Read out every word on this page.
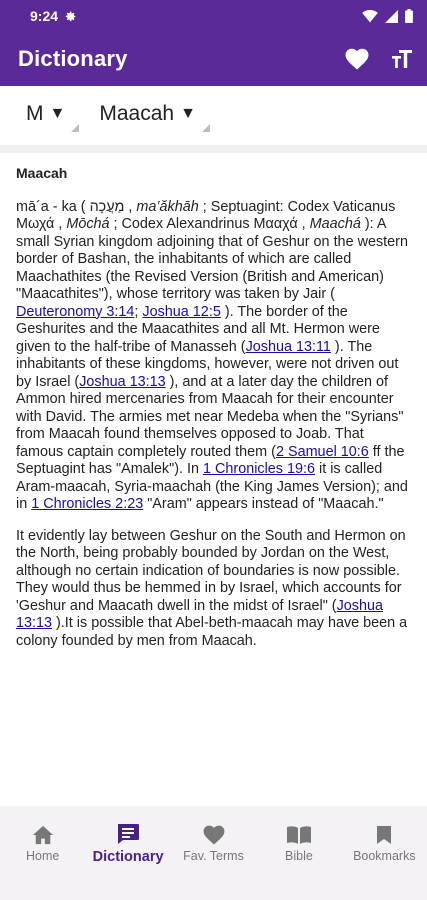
9:24
Dictionary
M ▼ Maacah ▼
Maacah

mā´a - ka ( מַעֲכָה , ma‛ăkhāh ; Septuagint: Codex Vaticanus Μωχά , Mōchá ; Codex Alexandrinus Μααχά , Maachá ): A small Syrian kingdom adjoining that of Geshur on the western border of Bashan, the inhabitants of which are called Maachathites (the Revised Version (British and American) "Maacathites"), whose territory was taken by Jair ( Deuteronomy 3:14; Joshua 12:5 ). The border of the Geshurites and the Maacathites and all Mt. Hermon were given to the half-tribe of Manasseh (Joshua 13:11 ). The inhabitants of these kingdoms, however, were not driven out by Israel (Joshua 13:13 ), and at a later day the children of Ammon hired mercenaries from Maacah for their encounter with David. The armies met near Medeba when the "Syrians" from Maacah found themselves opposed to Joab. That famous captain completely routed them (2 Samuel 10:6 ff the Septuagint has "Amalek"). In 1 Chronicles 19:6 it is called Aram-maacah, Syria-maachah (the King James Version); and in 1 Chronicles 2:23 "Aram" appears instead of "Maacah."

It evidently lay between Geshur on the South and Hermon on the North, being probably bounded by Jordan on the West, although no certain indication of boundaries is now possible. They would thus be hemmed in by Israel, which accounts for 'Geshur and Maacath dwell in the midst of Israel" (Joshua 13:13 ).It is possible that Abel-beth-maacah may have been a colony founded by men from Maacah.

Home Dictionary Fav. Terms	Bible	Bookmarks
